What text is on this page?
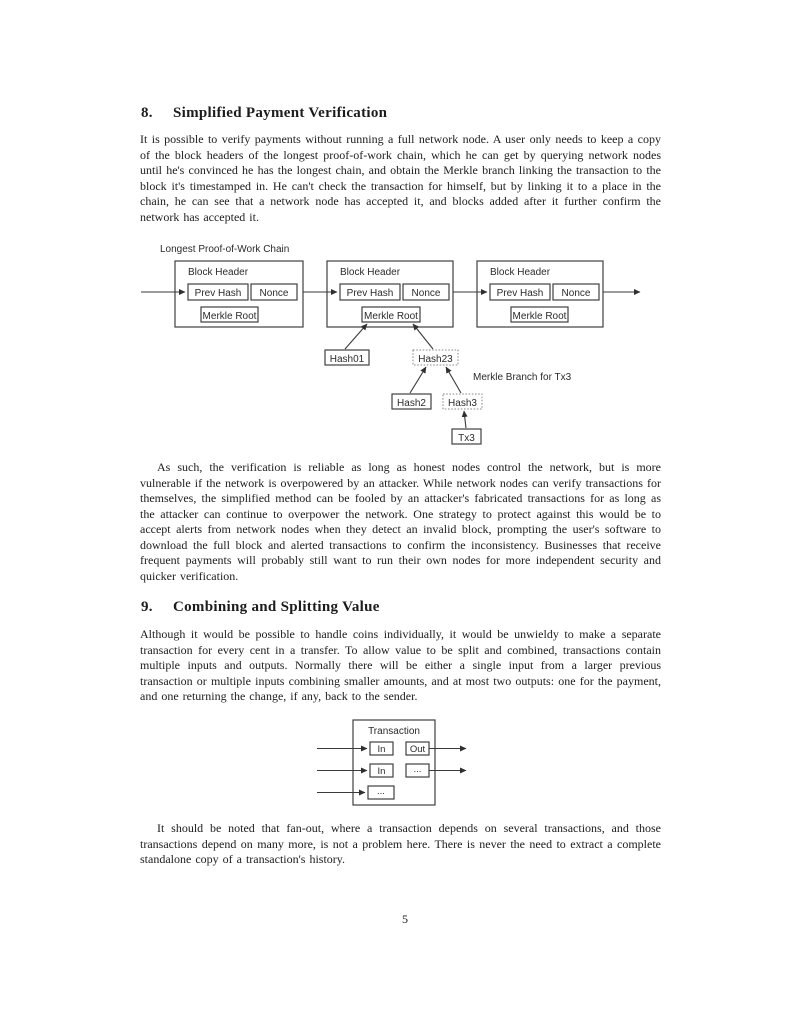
8. Simplified Payment Verification

It is possible to verify payments without running a full network node. A user only needs to keep a copy of the block headers of the longest proof-of-work chain, which he can get by querying network nodes until he's convinced he has the longest chain, and obtain the Merkle branch linking the transaction to the block it's timestamped in. He can't check the transaction for himself, but by linking it to a place in the chain, he can see that a network node has accepted it, and blocks added after it further confirm the network has accepted it.

Longest Proof-of-Work Chain
Block Header
Prev Hash Nonce
Merkle Root
Block Header
Prev Hash Nonce
Merkle Root
Block Header
Prev Hash Nonce
Merkle Root
Hash01	Hash23
Merkle Branch for Tx3
Hash2 Hash3
Tx3

As such, the verification is reliable as long as honest nodes control the network, but is more vulnerable if the network is overpowered by an attacker. While network nodes can verify transactions for themselves, the simplified method can be fooled by an attacker's fabricated transactions for as long as the attacker can continue to overpower the network. One strategy to protect against this would be to accept alerts from network nodes when they detect an invalid block, prompting the user's software to download the full block and alerted transactions to confirm the inconsistency. Businesses that receive frequent payments will probably still want to run their own nodes for more independent security and quicker verification.

9. Combining and Splitting Value

Although it would be possible to handle coins individually, it would be unwieldy to make a separate transaction for every cent in a transfer. To allow value to be split and combined, transactions contain multiple inputs and outputs. Normally there will be either a single input from a larger previous transaction or multiple inputs combining smaller amounts, and at most two outputs: one for the payment, and one returning the change, if any, back to the sender.

Transaction
In
In
...
Out
...

It should be noted that fan-out, where a transaction depends on several transactions, and those transactions depend on many more, is not a problem here. There is never the need to extract a complete standalone copy of a transaction's history.

5
